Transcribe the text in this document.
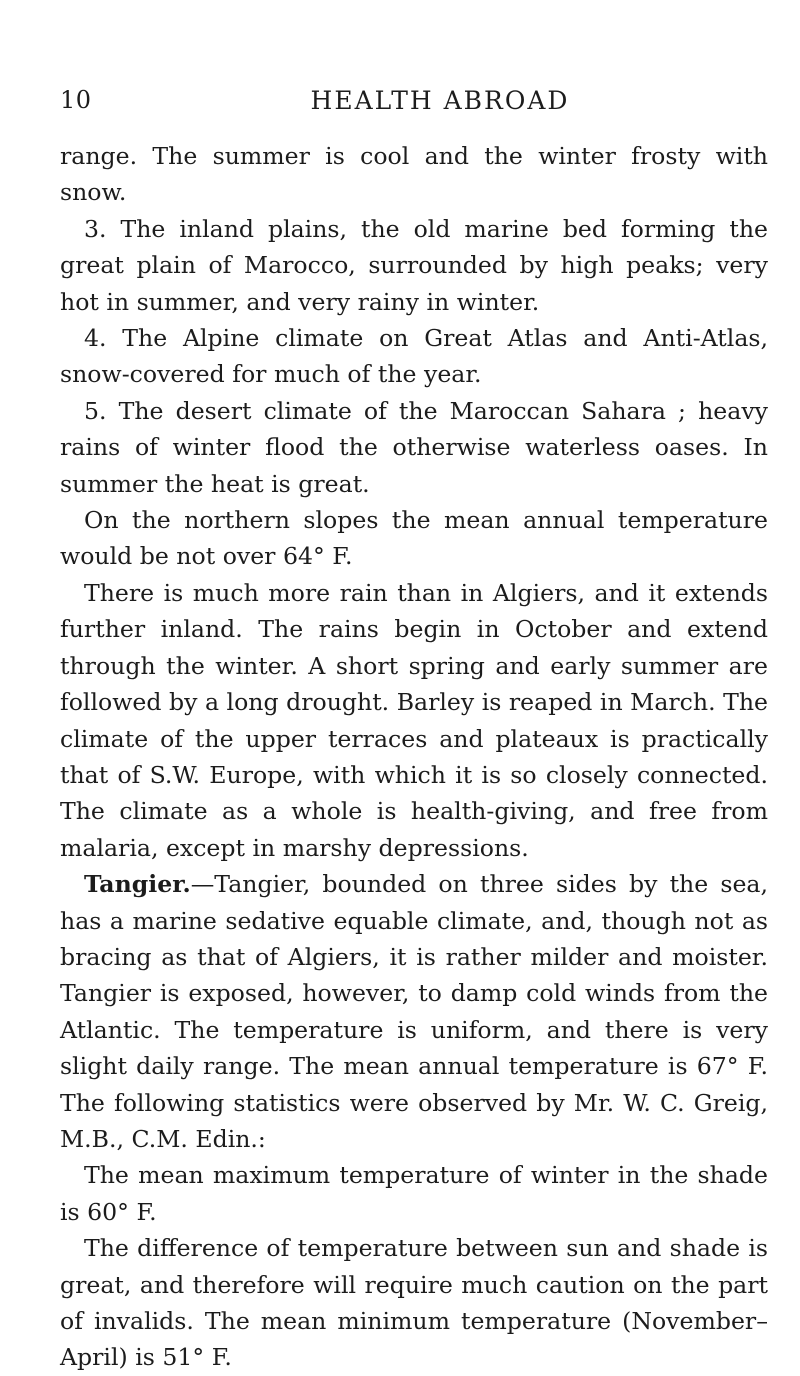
10	HEALTH ABROAD

range. The summer is cool and the winter frosty with snow.

3. The inland plains, the old marine bed forming the great plain of Marocco, surrounded by high peaks; very hot in summer, and very rainy in winter.

4. The Alpine climate on Great Atlas and Anti-Atlas, snow-covered for much of the year.

5. The desert climate of the Maroccan Sahara ; heavy rains of winter flood the otherwise waterless oases. In summer the heat is great.

On the northern slopes the mean annual temperature would be not over 64° F.

There is much more rain than in Algiers, and it extends further inland. The rains begin in October and extend through the winter. A short spring and early summer are followed by a long drought. Barley is reaped in March. The climate of the upper terraces and plateaux is practically that of S.W. Europe, with which it is so closely connected. The climate as a whole is health-giving, and free from malaria, except in marshy depressions.

Tangier.—Tangier, bounded on three sides by the sea, has a marine sedative equable climate, and, though not as bracing as that of Algiers, it is rather milder and moister. Tangier is exposed, however, to damp cold winds from the Atlantic. The temperature is uniform, and there is very slight daily range. The mean annual temperature is 67° F. The following statistics were observed by Mr. W. C. Greig, M.B., C.M. Edin.:

The mean maximum temperature of winter in the shade is 60° F.

The difference of temperature between sun and shade is great, and therefore will require much caution on the part of invalids. The mean minimum temperature (November–April) is 51° F.
